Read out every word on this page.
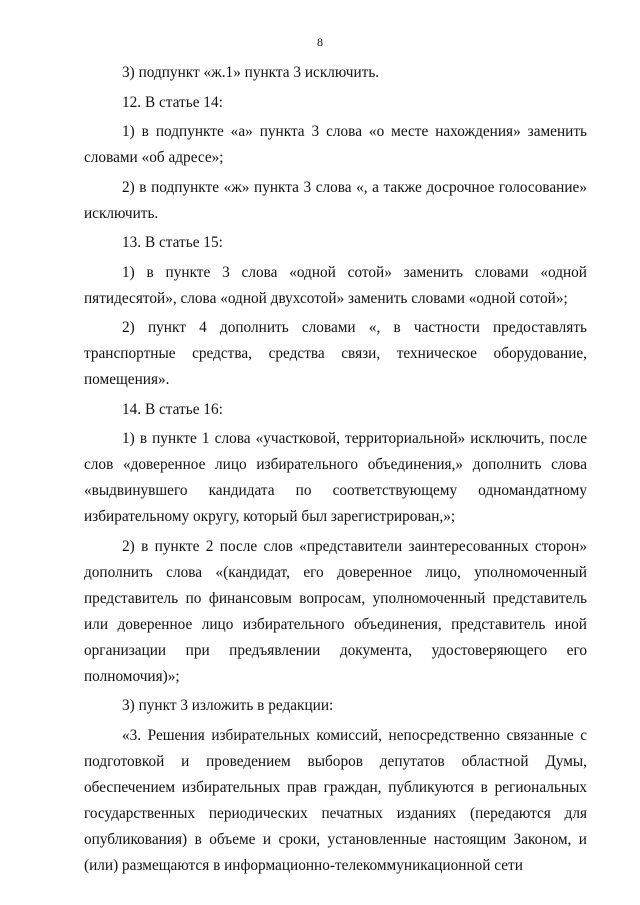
8

3) подпункт «ж.1» пункта 3 исключить.

12. В статье 14:

1) в подпункте «а» пункта 3 слова «о месте нахождения» заменить словами «об адресе»;

2) в подпункте «ж» пункта 3 слова «, а также досрочное голосование» исключить.

13. В статье 15:

1) в пункте 3 слова «одной сотой» заменить словами «одной пятидесятой», слова «одной двухсотой» заменить словами «одной сотой»;

2) пункт 4 дополнить словами «, в частности предоставлять транспортные средства, средства связи, техническое оборудование, помещения».

14. В статье 16:

1) в пункте 1 слова «участковой, территориальной» исключить, после слов «доверенное лицо избирательного объединения,» дополнить слова «выдвинувшего кандидата по соответствующему одномандатному избирательному округу, который был зарегистрирован,»;

2) в пункте 2 после слов «представители заинтересованных сторон» дополнить слова «(кандидат, его доверенное лицо, уполномоченный представитель по финансовым вопросам, уполномоченный представитель или доверенное лицо избирательного объединения, представитель иной организации при предъявлении документа, удостоверяющего его полномочия)»;

3) пункт 3 изложить в редакции:

«3. Решения избирательных комиссий, непосредственно связанные с подготовкой и проведением выборов депутатов областной Думы, обеспечением избирательных прав граждан, публикуются в региональных государственных периодических печатных изданиях (передаются для опубликования) в объеме и сроки, установленные настоящим Законом, и (или) размещаются в информационно-телекоммуникационной сети
